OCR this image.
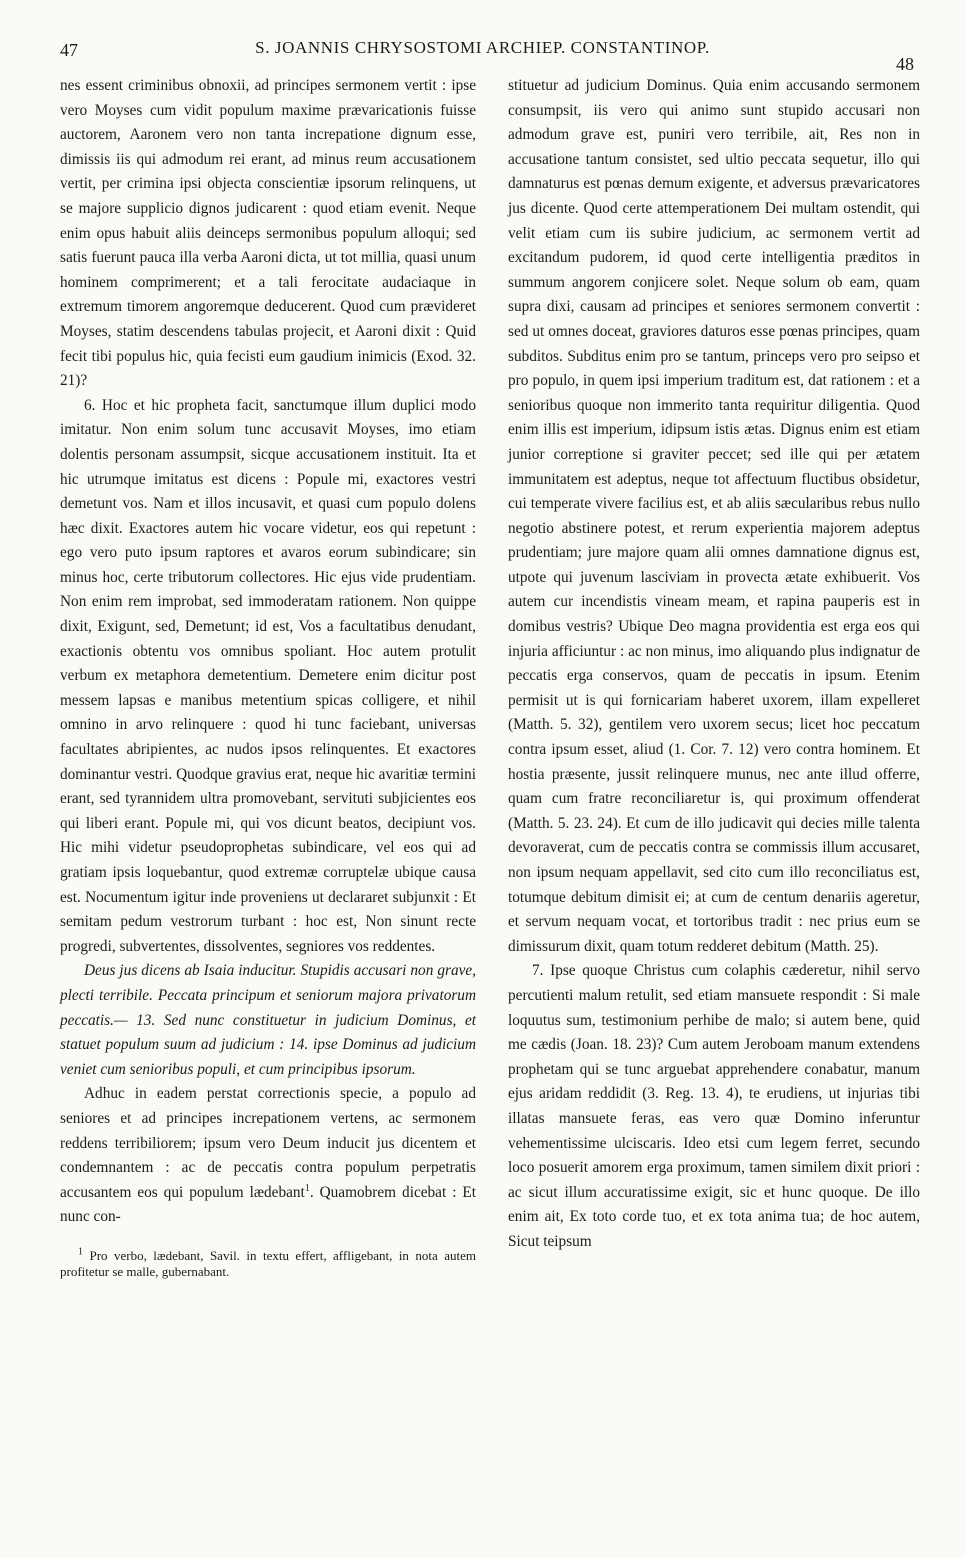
47	S. JOANNIS CHRYSOSTOMI ARCHIEP. CONSTANTINOP.
48

nes essent criminibus obnoxii, ad principes sermonem vertit : ipse vero Moyses cum vidit populum maxime prævaricationis fuisse auctorem, Aaronem vero non tanta increpatione dignum esse, dimissis iis qui admodum rei erant, ad minus reum accusationem vertit, per crimina ipsi objecta conscientiæ ipsorum relinquens, ut se majore supplicio dignos judicarent : quod etiam evenit. Neque enim opus habuit aliis deinceps sermonibus populum alloqui; sed satis fuerunt pauca illa verba Aaroni dicta, ut tot millia, quasi unum hominem comprimerent; et a tali ferocitate audaciaque in extremum timorem angoremque deducerent. Quod cum prævideret Moyses, statim descendens tabulas projecit, et Aaroni dixit : Quid fecit tibi populus hic, quia fecisti eum gaudium inimicis (Exod. 32. 21)?

6. Hoc et hic propheta facit, sanctumque illum duplici modo imitatur. Non enim solum tunc accusavit Moyses, imo etiam dolentis personam assumpsit, sicque accusationem instituit. Ita et hic utrumque imitatus est dicens : Popule mi, exactores vestri demetunt vos. Nam et illos incusavit, et quasi cum populo dolens hæc dixit. Exactores autem hic vocare videtur, eos qui repetunt : ego vero puto ipsum raptores et avaros eorum subindicare; sin minus hoc, certe tributorum collectores. Hic ejus vide prudentiam. Non enim rem improbat, sed immoderatam rationem. Non quippe dixit, Exigunt, sed, Demetunt; id est, Vos a facultatibus denudant, exactionis obtentu vos omnibus spoliant. Hoc autem protulit verbum ex metaphora demetentium. Demetere enim dicitur post messem lapsas e manibus metentium spicas colligere, et nihil omnino in arvo relinquere : quod hi tunc faciebant, universas facultates abripientes, ac nudos ipsos relinquentes. Et exactores dominantur vestri. Quodque gravius erat, neque hic avaritiæ termini erant, sed tyrannidem ultra promovebant, servituti subjicientes eos qui liberi erant. Popule mi, qui vos dicunt beatos, decipiunt vos. Hic mihi videtur pseudoprophetas subindicare, vel eos qui ad gratiam ipsis loquebantur, quod extremæ corruptelæ ubique causa est. Nocumentum igitur inde proveniens ut declararet subjunxit : Et semitam pedum vestrorum turbant : hoc est, Non sinunt recte progredi, subvertentes, dissolventes, segniores vos reddentes.

Deus jus dicens ab Isaia inducitur. Stupidis accusari non grave, plecti terribile. Peccata principum et seniorum majora privatorum peccatis.— 13. Sed nunc constituetur in judicium Dominus, et statuet populum suum ad judicium : 14. ipse Dominus ad judicium veniet cum senioribus populi, et cum principibus ipsorum.

Adhuc in eadem perstat correctionis specie, a populo ad seniores et ad principes increpationem vertens, ac sermonem reddens terribiliorem; ipsum vero Deum inducit jus dicentem et condemnantem : ac de peccatis contra populum perpetratis accusantem eos qui populum lædebant$^1$. Quamobrem dicebat : Et nunc con-

$^1$ Pro verbo, lædebant, Savil. in textu effert, affligebant, in nota autem profitetur se malle, gubernabant.

stituetur ad judicium Dominus. Quia enim accusando sermonem consumpsit, iis vero qui animo sunt stupido accusari non admodum grave est, puniri vero terribile, ait, Res non in accusatione tantum consistet, sed ultio peccata sequetur, illo qui damnaturus est pœnas demum exigente, et adversus prævaricatores jus dicente. Quod certe attemperationem Dei multam ostendit, qui velit etiam cum iis subire judicium, ac sermonem vertit ad excitandum pudorem, id quod certe intelligentia præditos in summum angorem conjicere solet. Neque solum ob eam, quam supra dixi, causam ad principes et seniores sermonem convertit : sed ut omnes doceat, graviores daturos esse pœnas principes, quam subditos. Subditus enim pro se tantum, princeps vero pro seipso et pro populo, in quem ipsi imperium traditum est, dat rationem : et a senioribus quoque non immerito tanta requiritur diligentia. Quod enim illis est imperium, idipsum istis ætas. Dignus enim est etiam junior correptione si graviter peccet; sed ille qui per ætatem immunitatem est adeptus, neque tot affectuum fluctibus obsidetur, cui temperate vivere facilius est, et ab aliis sæcularibus rebus nullo negotio abstinere potest, et rerum experientia majorem adeptus prudentiam; jure majore quam alii omnes damnatione dignus est, utpote qui juvenum lasciviam in provecta ætate exhibuerit. Vos autem cur incendistis vineam meam, et rapina pauperis est in domibus vestris? Ubique Deo magna providentia est erga eos qui injuria afficiuntur : ac non minus, imo aliquando plus indignatur de peccatis erga conservos, quam de peccatis in ipsum. Etenim permisit ut is qui fornicariam haberet uxorem, illam expelleret (Matth. 5. 32), gentilem vero uxorem secus; licet hoc peccatum contra ipsum esset, aliud (1. Cor. 7. 12) vero contra hominem. Et hostia præsente, jussit relinquere munus, nec ante illud offerre, quam cum fratre reconciliaretur is, qui proximum offenderat (Matth. 5. 23. 24). Et cum de illo judicavit qui decies mille talenta devoraverat, cum de peccatis contra se commissis illum accusaret, non ipsum nequam appellavit, sed cito cum illo reconciliatus est, totumque debitum dimisit ei; at cum de centum denariis ageretur, et servum nequam vocat, et tortoribus tradit : nec prius eum se dimissurum dixit, quam totum redderet debitum (Matth. 25).

7. Ipse quoque Christus cum colaphis cæderetur, nihil servo percutienti malum retulit, sed etiam mansuete respondit : Si male loquutus sum, testimonium perhibe de malo; si autem bene, quid me cædis (Joan. 18. 23)? Cum autem Jeroboam manum extendens prophetam qui se tunc arguebat apprehendere conabatur, manum ejus aridam reddidit (3. Reg. 13. 4), te erudiens, ut injurias tibi illatas mansuete feras, eas vero quæ Domino inferuntur vehementissime ulciscaris. Ideo etsi cum legem ferret, secundo loco posuerit amorem erga proximum, tamen similem dixit priori : ac sicut illum accuratissime exigit, sic et hunc quoque. De illo enim ait, Ex toto corde tuo, et ex tota anima tua; de hoc autem, Sicut teipsum
